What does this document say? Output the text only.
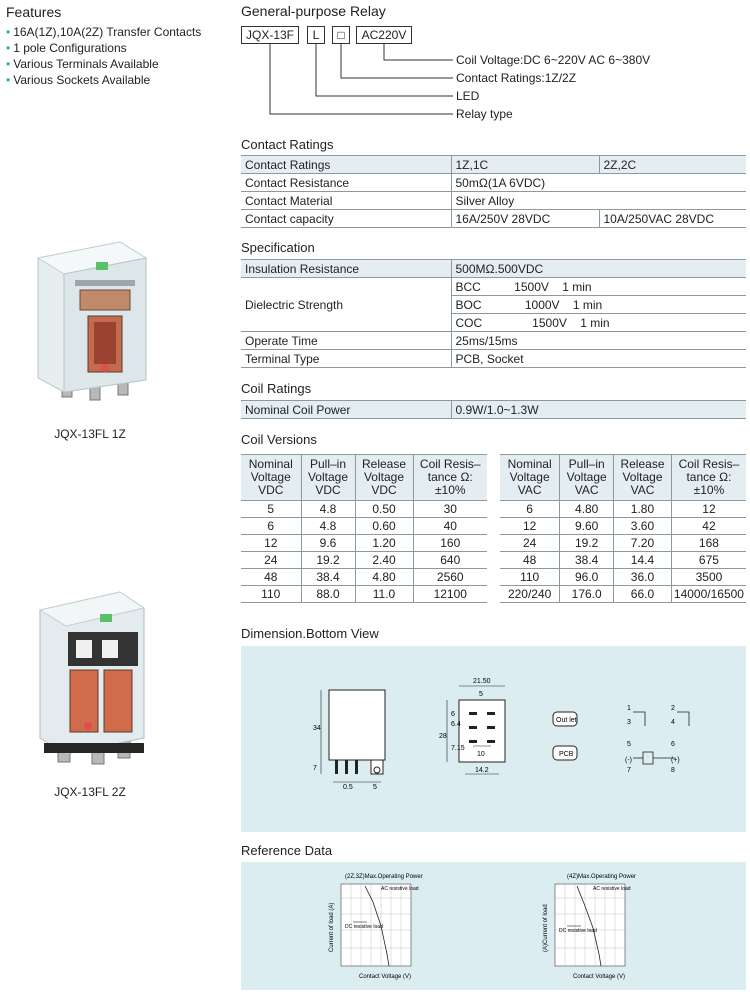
Features
• 16A(1Z),10A(2Z) Transfer Contacts
• 1 pole Configurations
• Various Terminals Available
• Various Sockets Available
JQX-13FL 1Z
JQX-13FL 2Z
General-purpose Relay
JQX-13F	L	□	AC220V
Coil Voltage:DC 6~220V AC 6~380V
Contact Ratings:1Z/2Z
LED
Relay type
Contact Ratings
Contact Ratings	1Z,1C	2Z,2C
Contact Resistance	50mΩ(1A 6VDC)	
Contact Material	Silver Alloy	
Contact capacity	16A/250V 28VDC	10A/250VAC 28VDC
Specification
Insulation Resistance	500MΩ.500VDC
Dielectric Strength	BCC          1500V    1 min
	BOC             1000V    1 min
	COC               1500V    1 min
Operate Time	25ms/15ms
Terminal Type	PCB, Socket
Coil Ratings
Nominal Coil Power	0.9W/1.0~1.3W
Coil Versions
Nominal Voltage VDC	Pull–in Voltage VDC	Release Voltage VDC	Coil Resis–tance Ω: ±10%
5	4.8	0.50	30
6	4.8	0.60	40
12	9.6	1.20	160
24	19.2	2.40	640
48	38.4	4.80	2560
110	88.0	11.0	12100
Nominal Voltage VAC	Pull–in Voltage VAC	Release Voltage VAC	Coil Resis–tance Ω: ±10%
6	4.80	1.80	12
12	9.60	3.60	42
24	19.2	7.20	168
48	38.4	14.4	675
110	96.0	36.0	3500
220/240	176.0	66.0	14000/16500
Dimension.Bottom View
34
7
0.5	5
21.50
5
28
7.15
6.4
6
10
14.2
Out let
PCB
1	2
3	4
5	6
7	8
(-)	(+)
Reference Data
(2Z,3Z)Max.Operating Power
AC resistive load
DC resistive load
Contact Voltage (V)
Current of load (A)
(4Z)Max.Operating Power
AC resistive load
DC resistive load
Contact Voltage (V)
(A)Current of load
